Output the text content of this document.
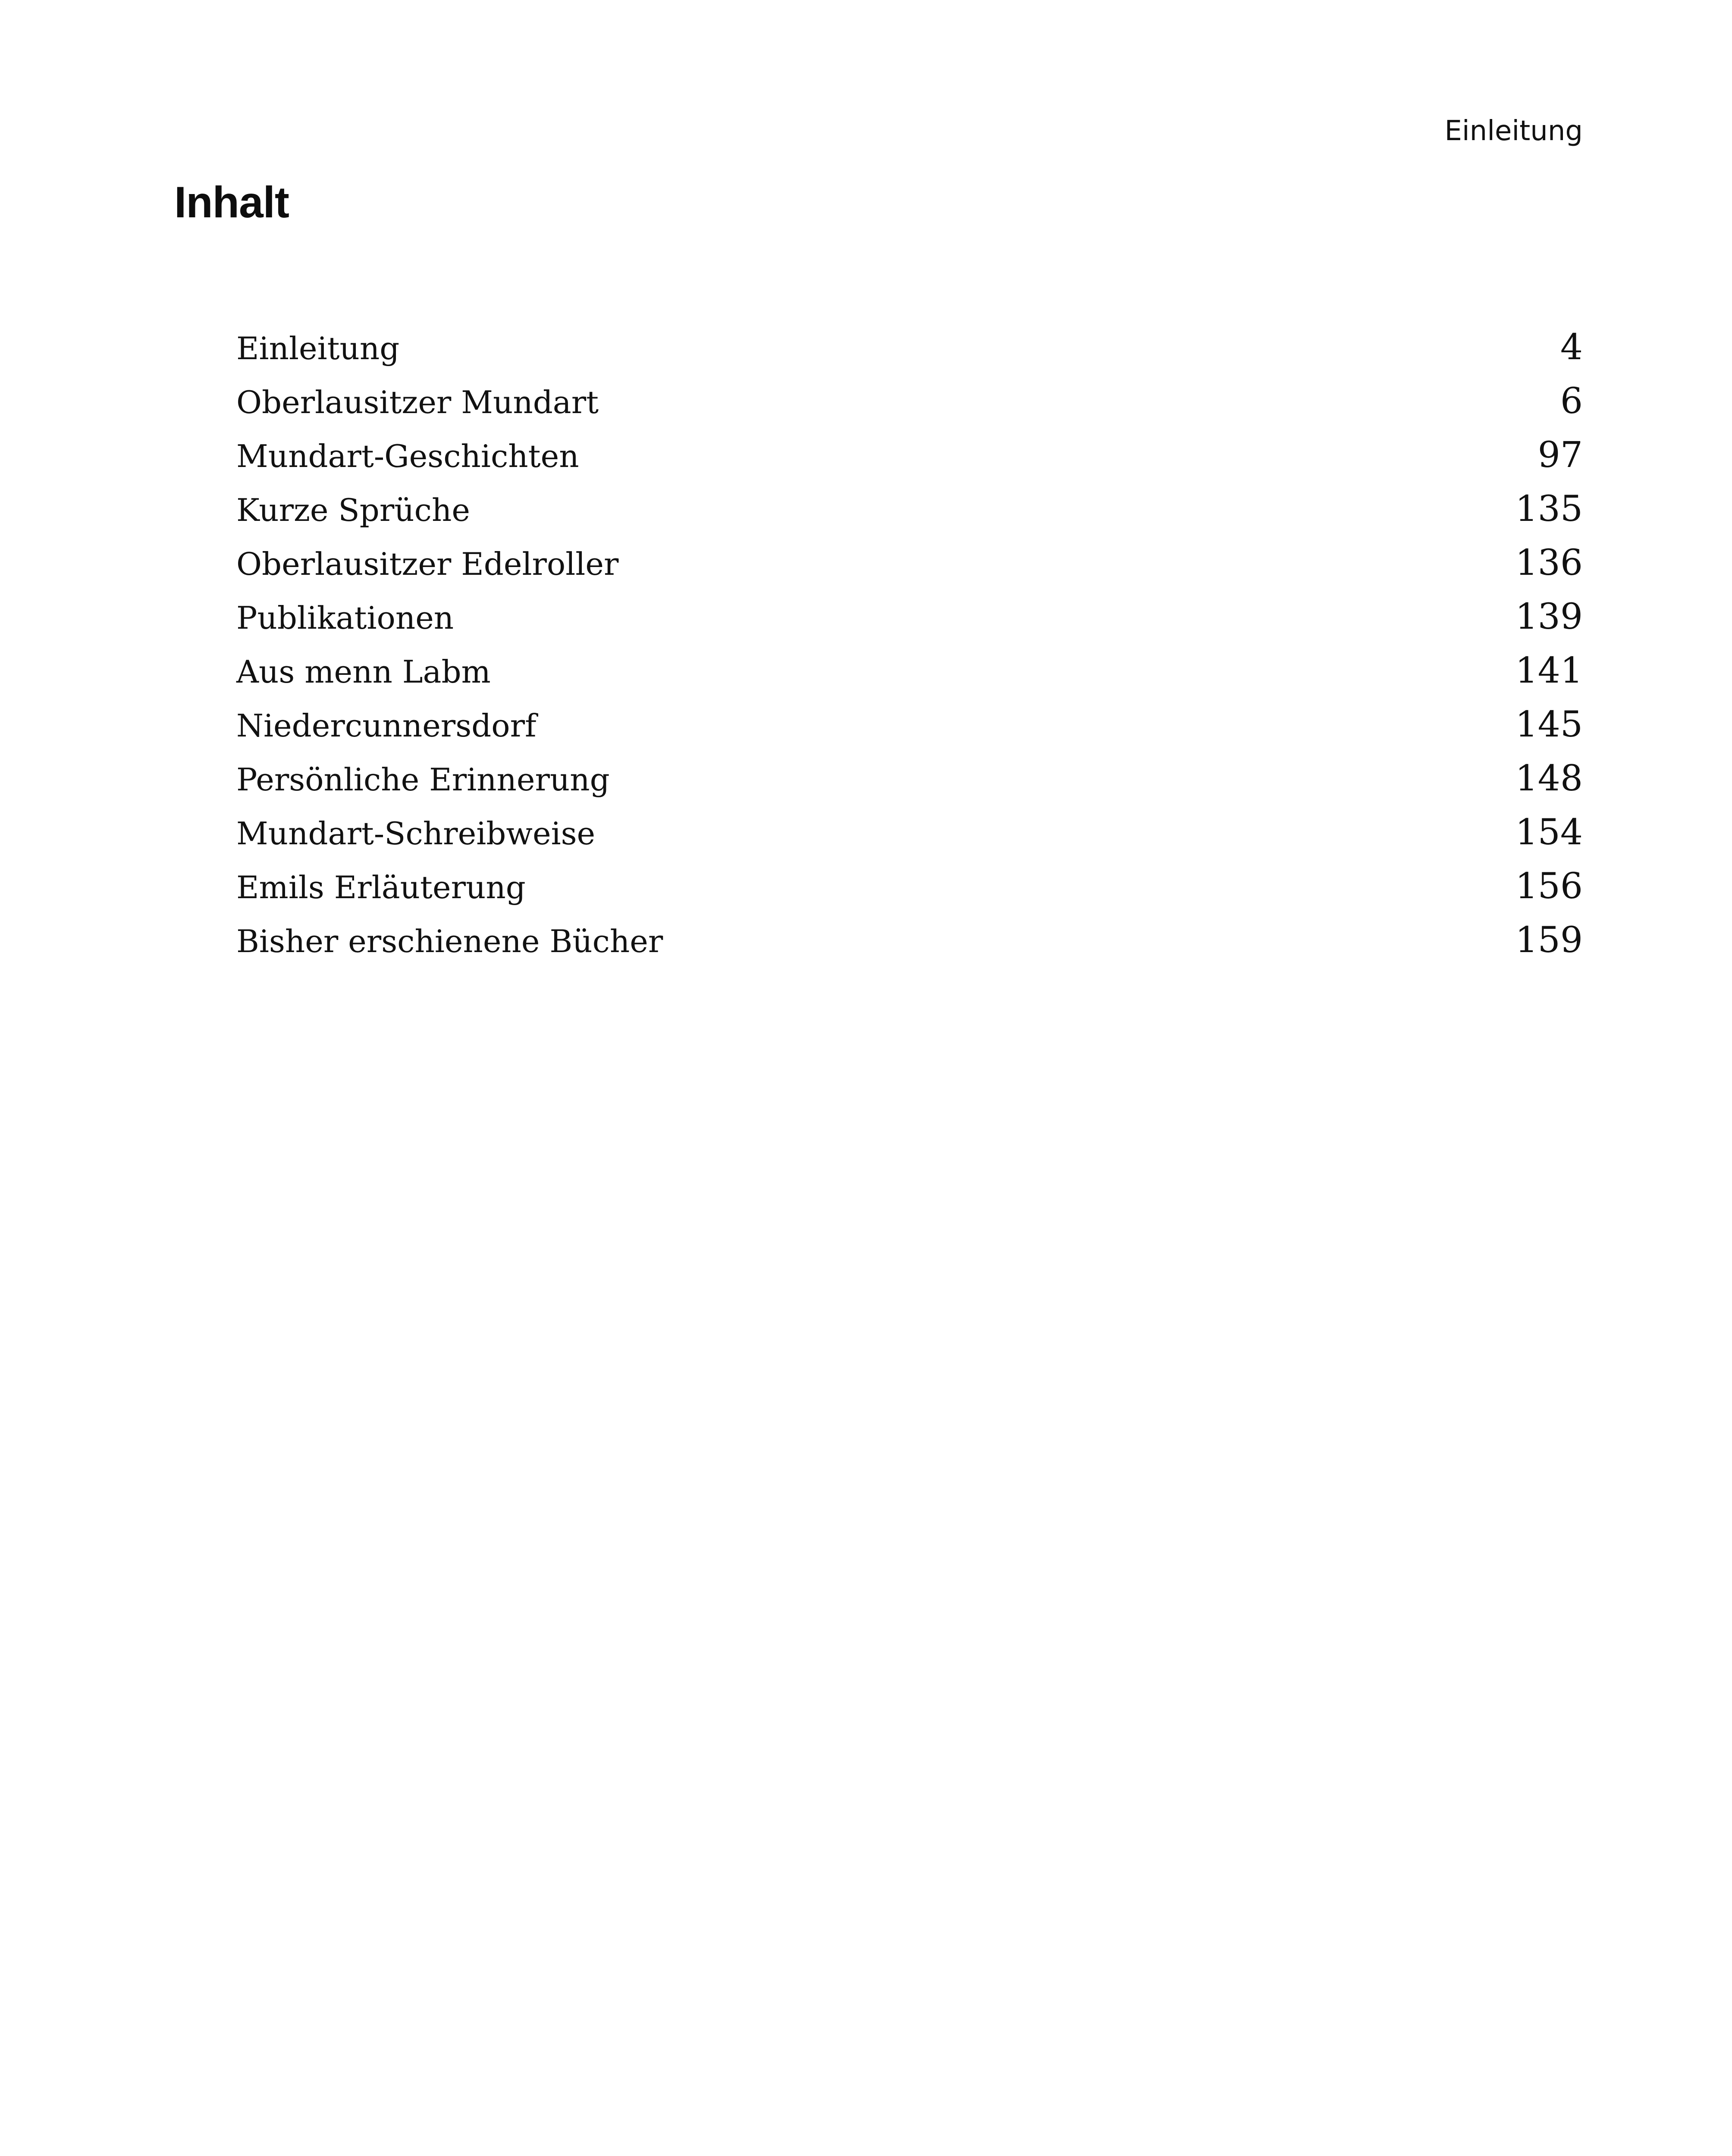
Einleitung
Inhalt
Einleitung	4
Oberlausitzer Mundart	6
Mundart-Geschichten	97
Kurze Sprüche	135
Oberlausitzer Edelroller	136
Publikationen	139
Aus menn Labm	141
Niedercunnersdorf	145
Persönliche Erinnerung	148
Mundart-Schreibweise	154
Emils Erläuterung	156
Bisher erschienene Bücher	159
